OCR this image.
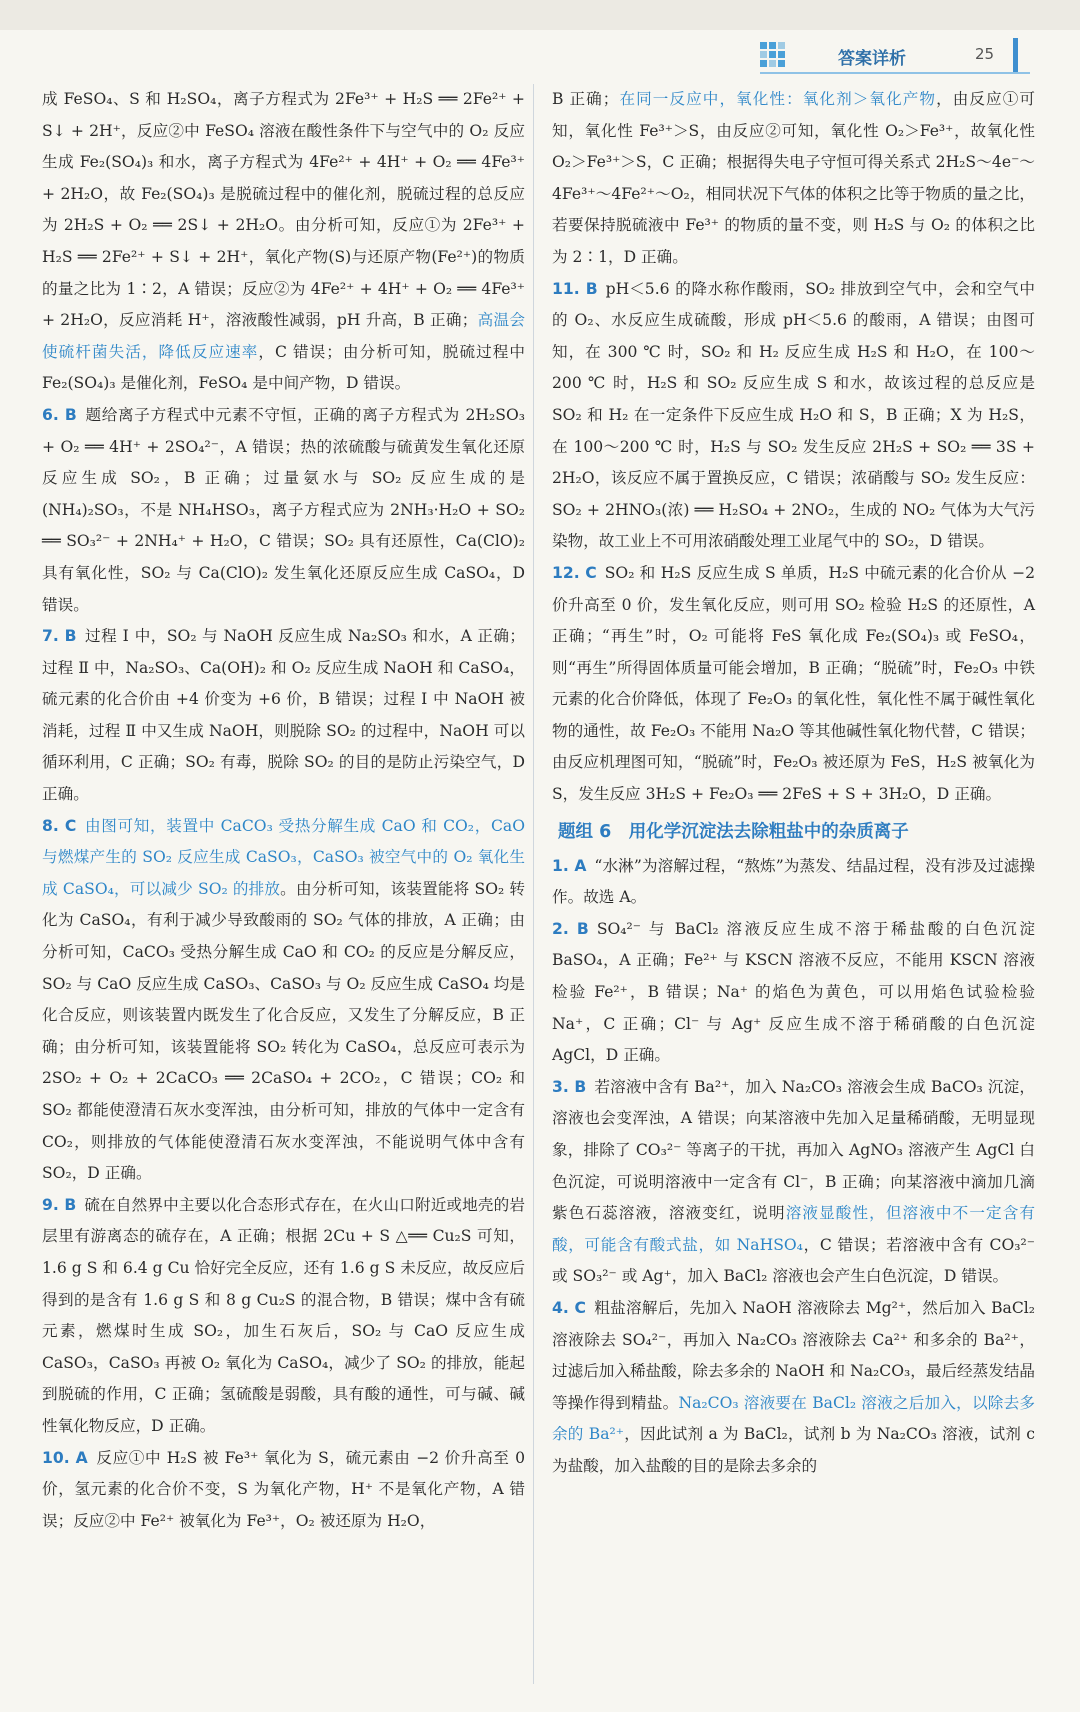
答案详析	25

成 FeSO₄、S 和 H₂SO₄，离子方程式为 2Fe³⁺ + H₂S ══ 2Fe²⁺ + S↓ + 2H⁺，反应②中 FeSO₄ 溶液在酸性条件下与空气中的 O₂ 反应生成 Fe₂(SO₄)₃ 和水，离子方程式为 4Fe²⁺ + 4H⁺ + O₂ ══ 4Fe³⁺ + 2H₂O，故 Fe₂(SO₄)₃ 是脱硫过程中的催化剂，脱硫过程的总反应为 2H₂S + O₂ ══ 2S↓ + 2H₂O。由分析可知，反应①为 2Fe³⁺ + H₂S ══ 2Fe²⁺ + S↓ + 2H⁺，氧化产物(S)与还原产物(Fe²⁺)的物质的量之比为 1∶2，A 错误；反应②为 4Fe²⁺ + 4H⁺ + O₂ ══ 4Fe³⁺ + 2H₂O，反应消耗 H⁺，溶液酸性减弱，pH 升高，B 正确；高温会使硫杆菌失活，降低反应速率，C 错误；由分析可知，脱硫过程中 Fe₂(SO₄)₃ 是催化剂，FeSO₄ 是中间产物，D 错误。

6. B 题给离子方程式中元素不守恒，正确的离子方程式为 2H₂SO₃ + O₂ ══ 4H⁺ + 2SO₄²⁻，A 错误；热的浓硫酸与硫黄发生氧化还原反应生成 SO₂，B 正确；过量氨水与 SO₂ 反应生成的是(NH₄)₂SO₃，不是 NH₄HSO₃，离子方程式应为 2NH₃·H₂O + SO₂ ══ SO₃²⁻ + 2NH₄⁺ + H₂O，C 错误；SO₂ 具有还原性，Ca(ClO)₂ 具有氧化性，SO₂ 与 Ca(ClO)₂ 发生氧化还原反应生成 CaSO₄，D 错误。

7. B 过程 Ⅰ 中，SO₂ 与 NaOH 反应生成 Na₂SO₃ 和水，A 正确；过程 Ⅱ 中，Na₂SO₃、Ca(OH)₂ 和 O₂ 反应生成 NaOH 和 CaSO₄，硫元素的化合价由 +4 价变为 +6 价，B 错误；过程 Ⅰ 中 NaOH 被消耗，过程 Ⅱ 中又生成 NaOH，则脱除 SO₂ 的过程中，NaOH 可以循环利用，C 正确；SO₂ 有毒，脱除 SO₂ 的目的是防止污染空气，D 正确。

8. C 由图可知，装置中 CaCO₃ 受热分解生成 CaO 和 CO₂，CaO 与燃煤产生的 SO₂ 反应生成 CaSO₃，CaSO₃ 被空气中的 O₂ 氧化生成 CaSO₄，可以减少 SO₂ 的排放。由分析可知，该装置能将 SO₂ 转化为 CaSO₄，有利于减少导致酸雨的 SO₂ 气体的排放，A 正确；由分析可知，CaCO₃ 受热分解生成 CaO 和 CO₂ 的反应是分解反应，SO₂ 与 CaO 反应生成 CaSO₃、CaSO₃ 与 O₂ 反应生成 CaSO₄ 均是化合反应，则该装置内既发生了化合反应，又发生了分解反应，B 正确；由分析可知，该装置能将 SO₂ 转化为 CaSO₄，总反应可表示为 2SO₂ + O₂ + 2CaCO₃ ══ 2CaSO₄ + 2CO₂，C 错误；CO₂ 和 SO₂ 都能使澄清石灰水变浑浊，由分析可知，排放的气体中一定含有 CO₂，则排放的气体能使澄清石灰水变浑浊，不能说明气体中含有 SO₂，D 正确。

9. B 硫在自然界中主要以化合态形式存在，在火山口附近或地壳的岩层里有游离态的硫存在，A 正确；根据 2Cu + S △══ Cu₂S 可知，1.6 g S 和 6.4 g Cu 恰好完全反应，还有 1.6 g S 未反应，故反应后得到的是含有 1.6 g S 和 8 g Cu₂S 的混合物，B 错误；煤中含有硫元素，燃煤时生成 SO₂，加生石灰后，SO₂ 与 CaO 反应生成 CaSO₃，CaSO₃ 再被 O₂ 氧化为 CaSO₄，减少了 SO₂ 的排放，能起到脱硫的作用，C 正确；氢硫酸是弱酸，具有酸的通性，可与碱、碱性氧化物反应，D 正确。

10. A 反应①中 H₂S 被 Fe³⁺ 氧化为 S，硫元素由 −2 价升高至 0 价，氢元素的化合价不变，S 为氧化产物，H⁺ 不是氧化产物，A 错误；反应②中 Fe²⁺ 被氧化为 Fe³⁺，O₂ 被还原为 H₂O，

B 正确；在同一反应中，氧化性：氧化剂＞氧化产物，由反应①可知，氧化性 Fe³⁺＞S，由反应②可知，氧化性 O₂＞Fe³⁺，故氧化性 O₂＞Fe³⁺＞S，C 正确；根据得失电子守恒可得关系式 2H₂S～4e⁻～4Fe³⁺～4Fe²⁺～O₂，相同状况下气体的体积之比等于物质的量之比，若要保持脱硫液中 Fe³⁺ 的物质的量不变，则 H₂S 与 O₂ 的体积之比为 2∶1，D 正确。

11. B pH＜5.6 的降水称作酸雨，SO₂ 排放到空气中，会和空气中的 O₂、水反应生成硫酸，形成 pH＜5.6 的酸雨，A 错误；由图可知，在 300 ℃ 时，SO₂ 和 H₂ 反应生成 H₂S 和 H₂O，在 100～200 ℃ 时，H₂S 和 SO₂ 反应生成 S 和水，故该过程的总反应是 SO₂ 和 H₂ 在一定条件下反应生成 H₂O 和 S，B 正确；X 为 H₂S，在 100～200 ℃ 时，H₂S 与 SO₂ 发生反应 2H₂S + SO₂ ══ 3S + 2H₂O，该反应不属于置换反应，C 错误；浓硝酸与 SO₂ 发生反应：SO₂ + 2HNO₃(浓) ══ H₂SO₄ + 2NO₂，生成的 NO₂ 气体为大气污染物，故工业上不可用浓硝酸处理工业尾气中的 SO₂，D 错误。

12. C SO₂ 和 H₂S 反应生成 S 单质，H₂S 中硫元素的化合价从 −2 价升高至 0 价，发生氧化反应，则可用 SO₂ 检验 H₂S 的还原性，A 正确；“再生”时，O₂ 可能将 FeS 氧化成 Fe₂(SO₄)₃ 或 FeSO₄，则“再生”所得固体质量可能会增加，B 正确；“脱硫”时，Fe₂O₃ 中铁元素的化合价降低，体现了 Fe₂O₃ 的氧化性，氧化性不属于碱性氧化物的通性，故 Fe₂O₃ 不能用 Na₂O 等其他碱性氧化物代替，C 错误；由反应机理图可知，“脱硫”时，Fe₂O₃ 被还原为 FeS，H₂S 被氧化为 S，发生反应 3H₂S + Fe₂O₃ ══ 2FeS + S + 3H₂O，D 正确。

题组 6　用化学沉淀法去除粗盐中的杂质离子

1. A “水淋”为溶解过程，“熬炼”为蒸发、结晶过程，没有涉及过滤操作。故选 A。

2. B SO₄²⁻ 与 BaCl₂ 溶液反应生成不溶于稀盐酸的白色沉淀 BaSO₄，A 正确；Fe²⁺ 与 KSCN 溶液不反应，不能用 KSCN 溶液检验 Fe²⁺，B 错误；Na⁺ 的焰色为黄色，可以用焰色试验检验 Na⁺，C 正确；Cl⁻ 与 Ag⁺ 反应生成不溶于稀硝酸的白色沉淀 AgCl，D 正确。

3. B 若溶液中含有 Ba²⁺，加入 Na₂CO₃ 溶液会生成 BaCO₃ 沉淀，溶液也会变浑浊，A 错误；向某溶液中先加入足量稀硝酸，无明显现象，排除了 CO₃²⁻ 等离子的干扰，再加入 AgNO₃ 溶液产生 AgCl 白色沉淀，可说明溶液中一定含有 Cl⁻，B 正确；向某溶液中滴加几滴紫色石蕊溶液，溶液变红，说明溶液显酸性，但溶液中不一定含有酸，可能含有酸式盐，如 NaHSO₄，C 错误；若溶液中含有 CO₃²⁻ 或 SO₃²⁻ 或 Ag⁺，加入 BaCl₂ 溶液也会产生白色沉淀，D 错误。

4. C 粗盐溶解后，先加入 NaOH 溶液除去 Mg²⁺，然后加入 BaCl₂ 溶液除去 SO₄²⁻，再加入 Na₂CO₃ 溶液除去 Ca²⁺ 和多余的 Ba²⁺，过滤后加入稀盐酸，除去多余的 NaOH 和 Na₂CO₃，最后经蒸发结晶等操作得到精盐。Na₂CO₃ 溶液要在 BaCl₂ 溶液之后加入，以除去多余的 Ba²⁺，因此试剂 a 为 BaCl₂，试剂 b 为 Na₂CO₃ 溶液，试剂 c 为盐酸，加入盐酸的目的是除去多余的
